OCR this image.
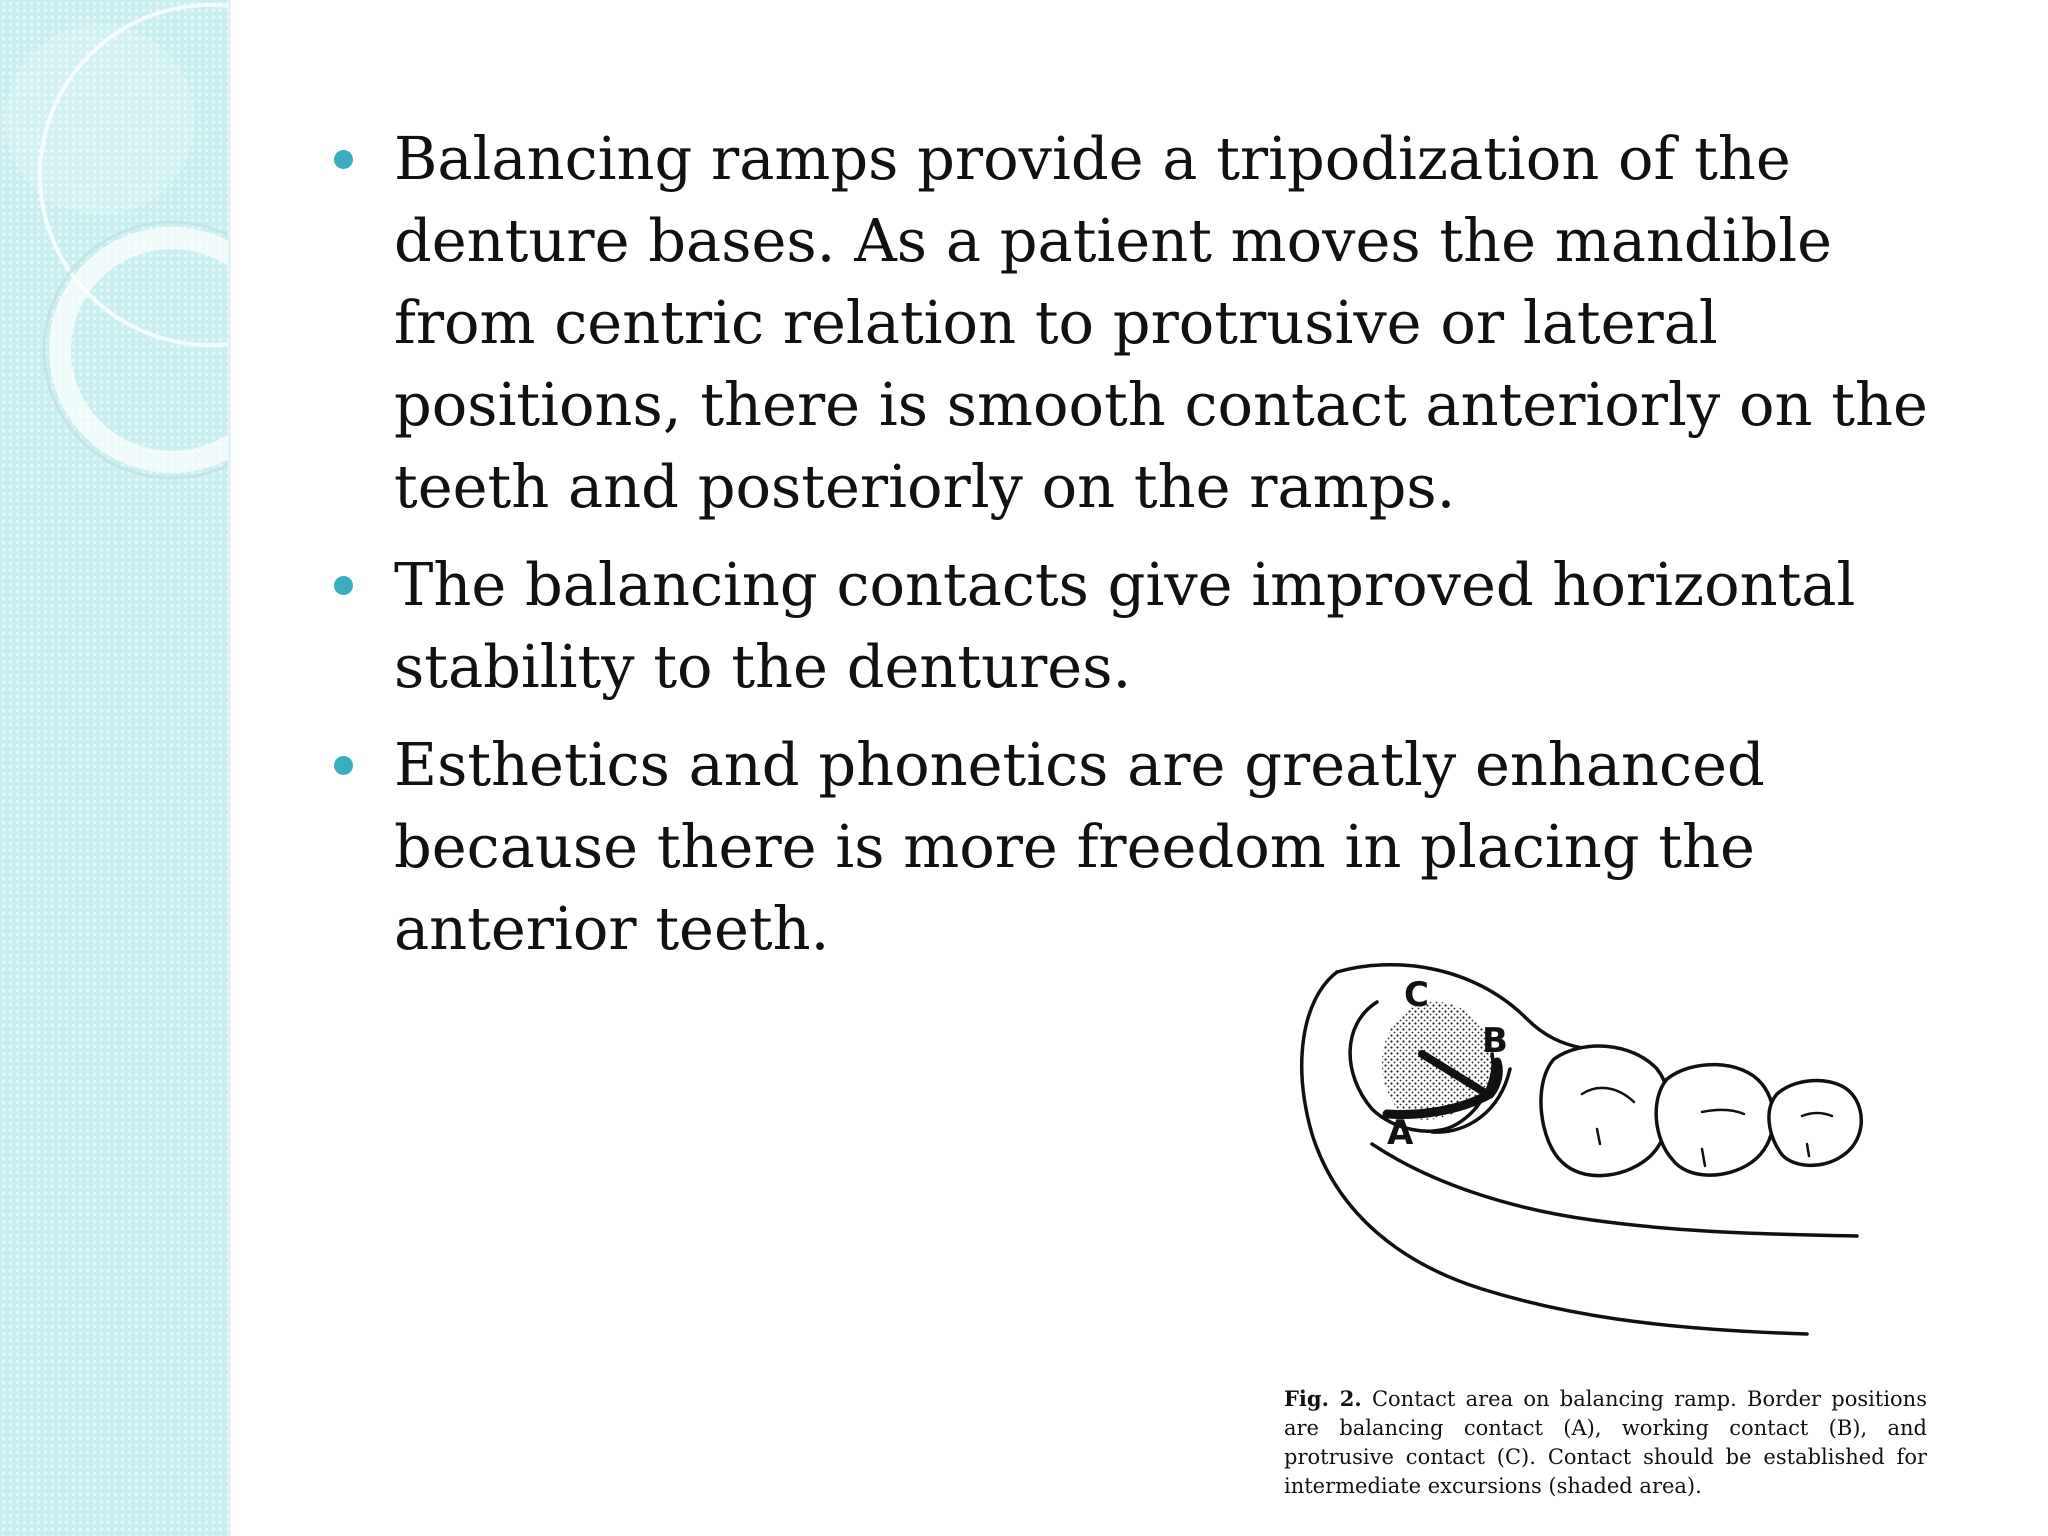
Balancing ramps provide a tripodization of the denture bases. As a patient moves the mandible from centric relation to protrusive or lateral positions, there is smooth contact anteriorly on the teeth and posteriorly on the ramps.
The balancing contacts give improved horizontal stability to the dentures.
Esthetics and phonetics are greatly enhanced because there is more freedom in placing the anterior teeth.
C
B
A
Fig. 2. Contact area on balancing ramp. Border positions are balancing contact (A), working contact (B), and protrusive contact (C). Contact should be established for intermediate excursions (shaded area).
